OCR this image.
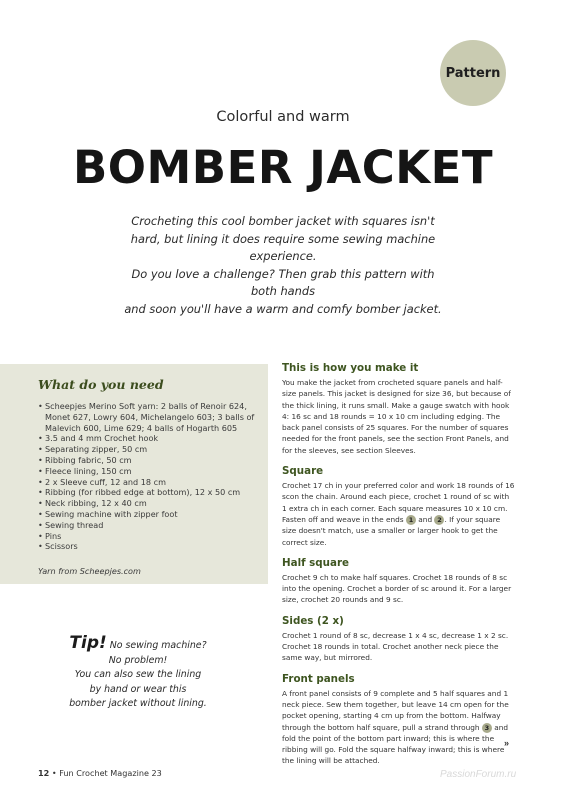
Pattern
Colorful and warm
BOMBER JACKET
Crocheting this cool bomber jacket with squares isn't
hard, but lining it does require some sewing machine experience.
Do you love a challenge? Then grab this pattern with both hands
and soon you'll have a warm and comfy bomber jacket.
What do you need
• Scheepjes Merino Soft yarn: 2 balls of Renoir 624, Monet 627, Lowry 604, Michelangelo 603; 3 balls of Malevich 600, Lime 629; 4 balls of Hogarth 605
• 3.5 and 4 mm Crochet hook
• Separating zipper, 50 cm
• Ribbing fabric, 50 cm
• Fleece lining, 150 cm
• 2 x Sleeve cuff, 12 and 18 cm
• Ribbing (for ribbed edge at bottom), 12 x 50 cm
• Neck ribbing, 12 x 40 cm
• Sewing machine with zipper foot
• Sewing thread
• Pins
• Scissors
Yarn from Scheepjes.com
Tip! No sewing machine?
No problem!
You can also sew the lining
by hand or wear this
bomber jacket without lining.
This is how you make it

You make the jacket from crocheted square panels and half-size panels. This jacket is designed for size 36, but because of the thick lining, it runs small. Make a gauge swatch with hook 4: 16 sc and 18 rounds = 10 x 10 cm including edging. The back panel consists of 25 squares. For the number of squares needed for the front panels, see the section Front Panels, and for the sleeves, see section Sleeves.

Square

Crochet 17 ch in your preferred color and work 18 rounds of 16 scon the chain. Around each piece, crochet 1 round of sc with 1 extra ch in each corner. Each square measures 10 x 10 cm. Fasten off and weave in the ends 1 and 2 . If your square size doesn't match, use a smaller or larger hook to get the correct size.

Half square

Crochet 9 ch to make half squares. Crochet 18 rounds of 8 sc into the opening. Crochet a border of sc around it. For a larger size, crochet 20 rounds and 9 sc.

Sides (2 x)

Crochet 1 round of 8 sc, decrease 1 x 4 sc, decrease 1 x 2 sc. Crochet 18 rounds in total. Crochet another neck piece the same way, but mirrored.

Front panels

A front panel consists of 9 complete and 5 half squares and 1 neck piece. Sew them together, but leave 14 cm open for the pocket opening, starting 4 cm up from the bottom. Halfway through the bottom half square, pull a strand through 3 and fold the point of the bottom part inward; this is where the ribbing will go. Fold the square halfway inward; this is where the lining will be attached.

»
12 • Fun Crochet Magazine 23	PassionForum.ru
